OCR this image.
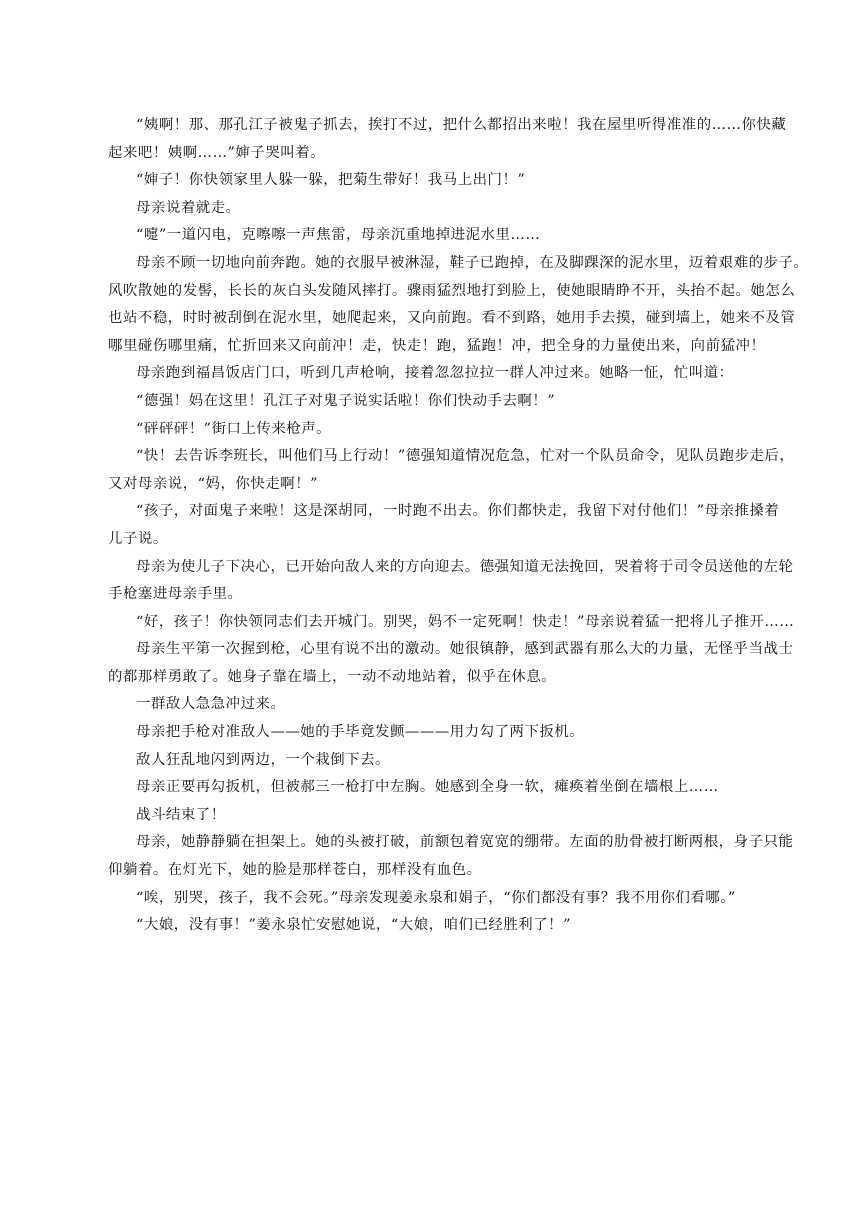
“姨啊！那、那孔江子被鬼子抓去，挨打不过，把什么都招出来啦！我在屋里听得准准的……你快藏
起来吧！姨啊……”婶子哭叫着。
“婶子！你快领家里人躲一躲，把菊生带好！我马上出门！”
母亲说着就走。
“嚏”一道闪电，克嚓嚓一声焦雷，母亲沉重地掉进泥水里……
母亲不顾一切地向前奔跑。她的衣服早被淋湿，鞋子已跑掉，在及脚踝深的泥水里，迈着艰难的步子。
风吹散她的发髻，长长的灰白头发随风摔打。骤雨猛烈地打到脸上，使她眼睛睁不开，头抬不起。她怎么
也站不稳，时时被刮倒在泥水里，她爬起来，又向前跑。看不到路，她用手去摸，碰到墙上，她来不及管
哪里碰伤哪里痛，忙折回来又向前冲！走，快走！跑，猛跑！冲，把全身的力量使出来，向前猛冲！
母亲跑到福昌饭店门口，听到几声枪响，接着忽忽拉拉一群人冲过来。她略一怔，忙叫道：
“德强！妈在这里！孔江子对鬼子说实话啦！你们快动手去啊！”
“砰砰砰！”街口上传来枪声。
“快！去告诉李班长，叫他们马上行动！”德强知道情况危急，忙对一个队员命令，见队员跑步走后，
又对母亲说，“妈，你快走啊！”
“孩子，对面鬼子来啦！这是深胡同，一时跑不出去。你们都快走，我留下对付他们！”母亲推搡着
儿子说。
母亲为使儿子下决心，已开始向敌人来的方向迎去。德强知道无法挽回，哭着将于司令员送他的左轮
手枪塞进母亲手里。
“好，孩子！你快领同志们去开城门。别哭，妈不一定死啊！快走！”母亲说着猛一把将儿子推开……
母亲生平第一次握到枪，心里有说不出的激动。她很镇静，感到武器有那么大的力量，无怪乎当战士
的都那样勇敢了。她身子靠在墙上，一动不动地站着，似乎在休息。
一群敌人急急冲过来。
母亲把手枪对准敌人——她的手毕竟发颤———用力勾了两下扳机。
敌人狂乱地闪到两边，一个栽倒下去。
母亲正要再勾扳机，但被郝三一枪打中左胸。她感到全身一软，瘫痪着坐倒在墙根上……
战斗结束了！
母亲，她静静躺在担架上。她的头被打破，前额包着宽宽的绷带。左面的肋骨被打断两根，身子只能
仰躺着。在灯光下，她的脸是那样苍白，那样没有血色。
“唉，别哭，孩子，我不会死。”母亲发现姜永泉和娟子，“你们都没有事？我不用你们看哪。”
“大娘，没有事！”姜永泉忙安慰她说，“大娘，咱们已经胜利了！”
